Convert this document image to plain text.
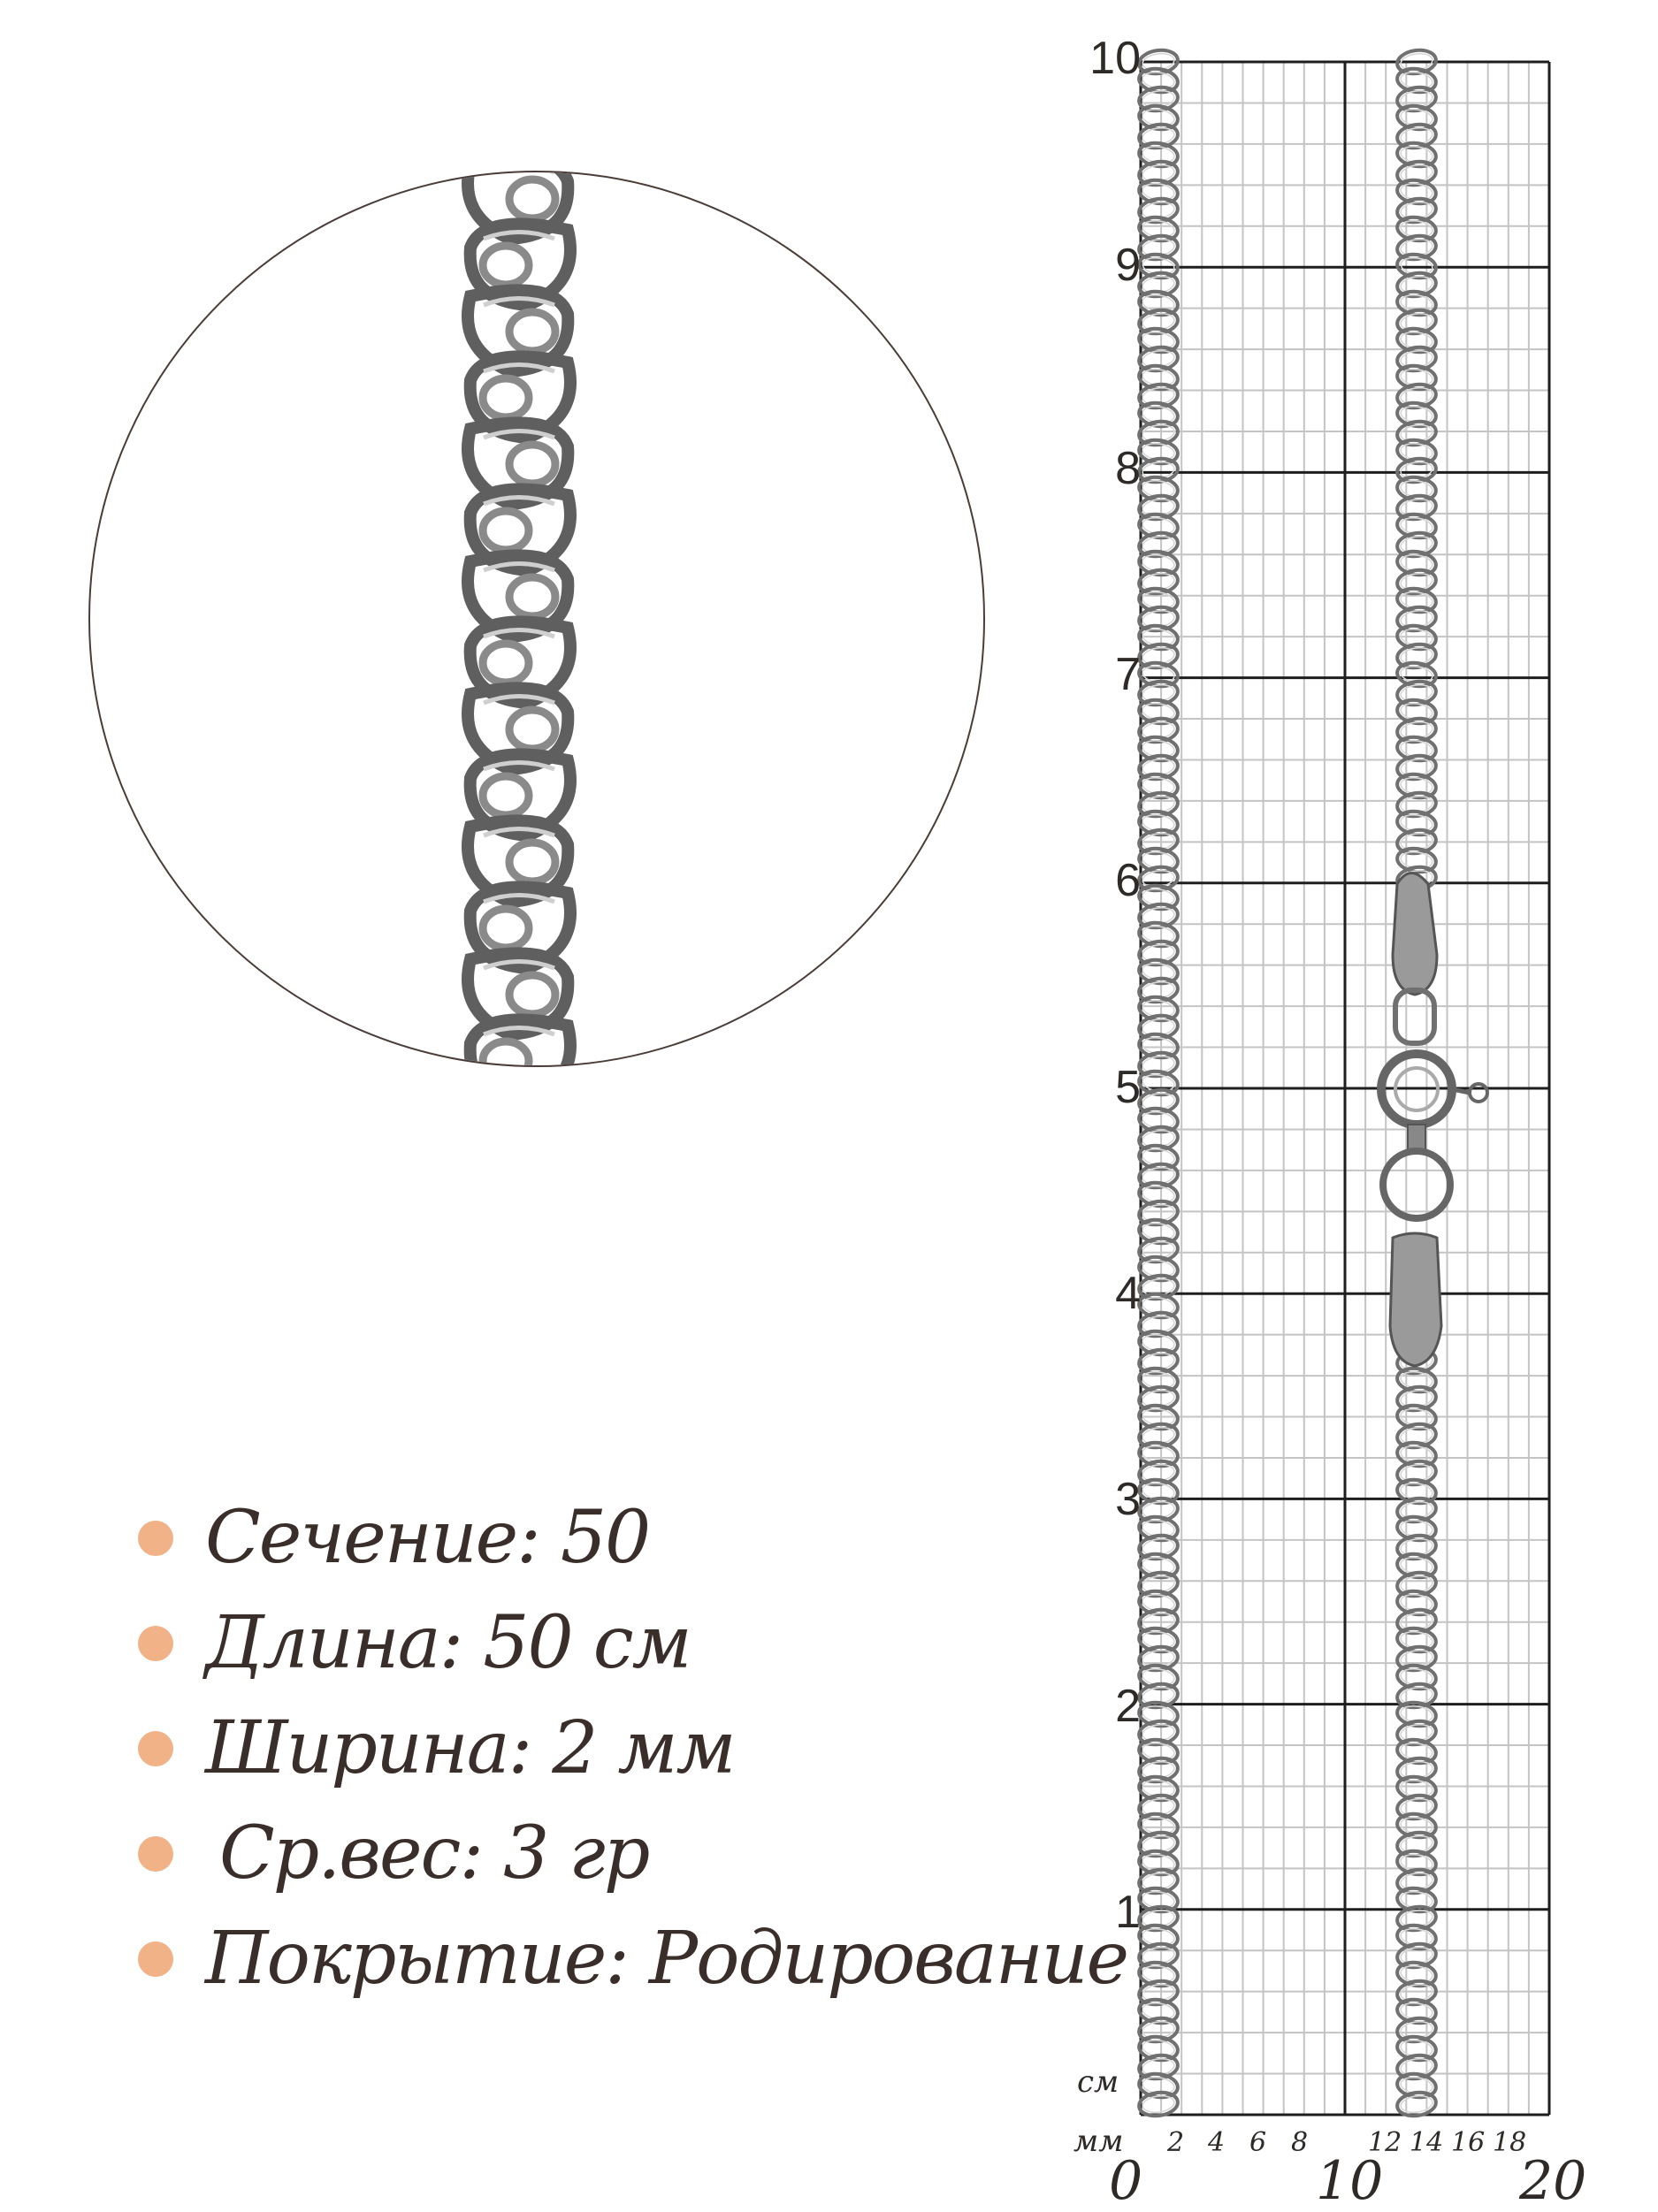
Сечение: 50
Длина: 50 см
Ширина: 2 мм
Ср.вес: 3 гр
Покрытие: Родирование
10
9
8
7
6
5
4
3
2
1
см
мм 2 4 6 8 12 14 16 18
0	10	20
